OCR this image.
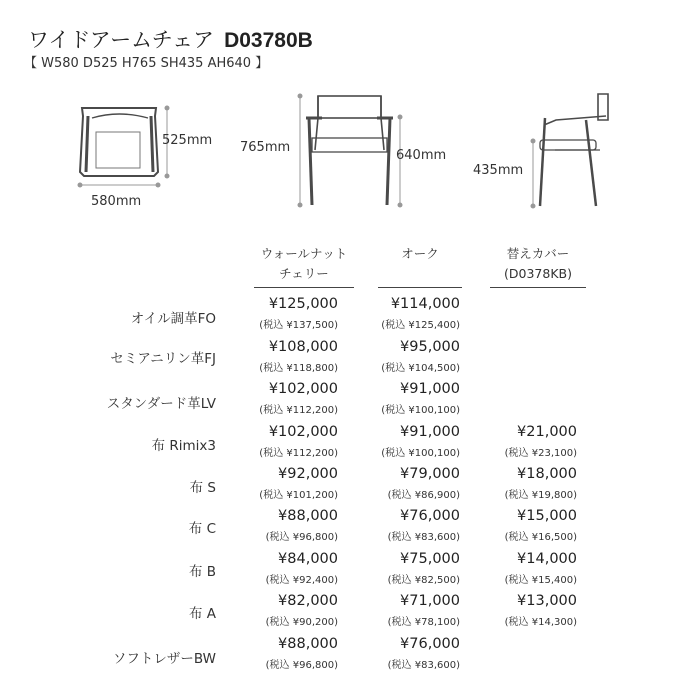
ワイドアームチェア D03780B
【 W580 D525 H765 SH435 AH640 】
525mm
580mm
765mm
640mm
435mm
ウォールナット
チェリー
オーク	替えカバー
(D0378KB)
オイル調革FO
¥125,000
(税込 ¥137,500)
¥114,000
(税込 ¥125,400)
セミアニリン革FJ
¥108,000
(税込 ¥118,800)
¥95,000
(税込 ¥104,500)
スタンダード革LV
¥102,000
(税込 ¥112,200)
¥91,000
(税込 ¥100,100)
布 Rimix3
¥102,000
(税込 ¥112,200)
¥91,000
(税込 ¥100,100)
¥21,000
(税込 ¥23,100)
布 S
¥92,000
(税込 ¥101,200)
¥79,000
(税込 ¥86,900)
¥18,000
(税込 ¥19,800)
布 C
¥88,000
(税込 ¥96,800)
¥76,000
(税込 ¥83,600)
¥15,000
(税込 ¥16,500)
布 B
¥84,000
(税込 ¥92,400)
¥75,000
(税込 ¥82,500)
¥14,000
(税込 ¥15,400)
布 A
¥82,000
(税込 ¥90,200)
¥71,000
(税込 ¥78,100)
¥13,000
(税込 ¥14,300)
ソフトレザーBW
¥88,000
(税込 ¥96,800)
¥76,000
(税込 ¥83,600)
